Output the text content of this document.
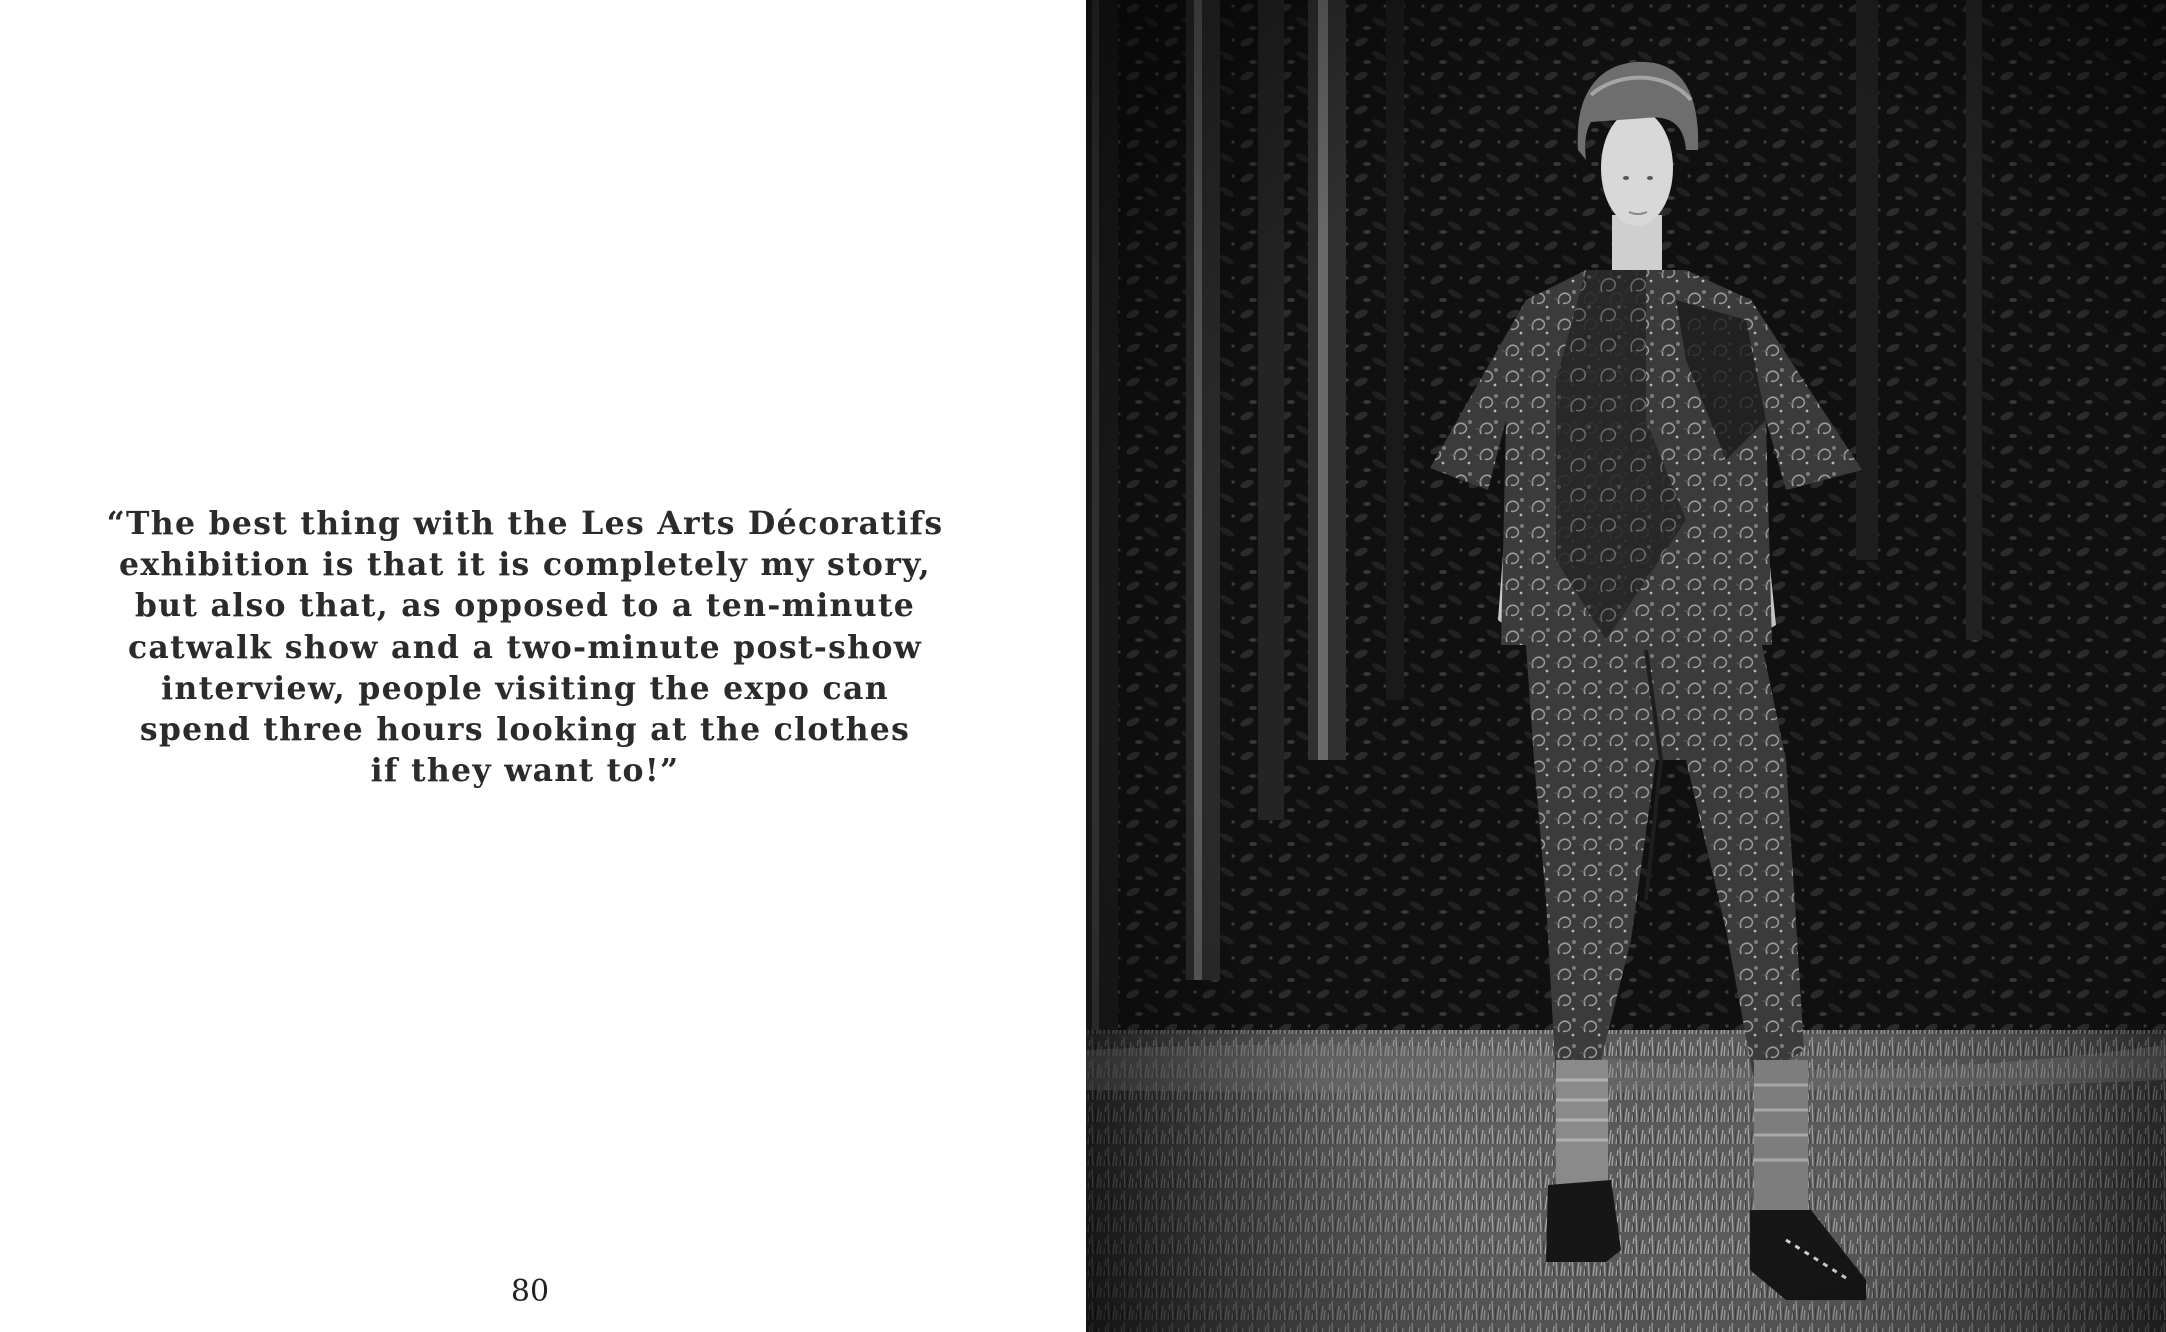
“The best thing with the Les Arts Décoratifs
exhibition is that it is completely my story,
but also that, as opposed to a ten-minute
catwalk show and a two-minute post-show
interview, people visiting the expo can
spend three hours looking at the clothes
if they want to!”

80
